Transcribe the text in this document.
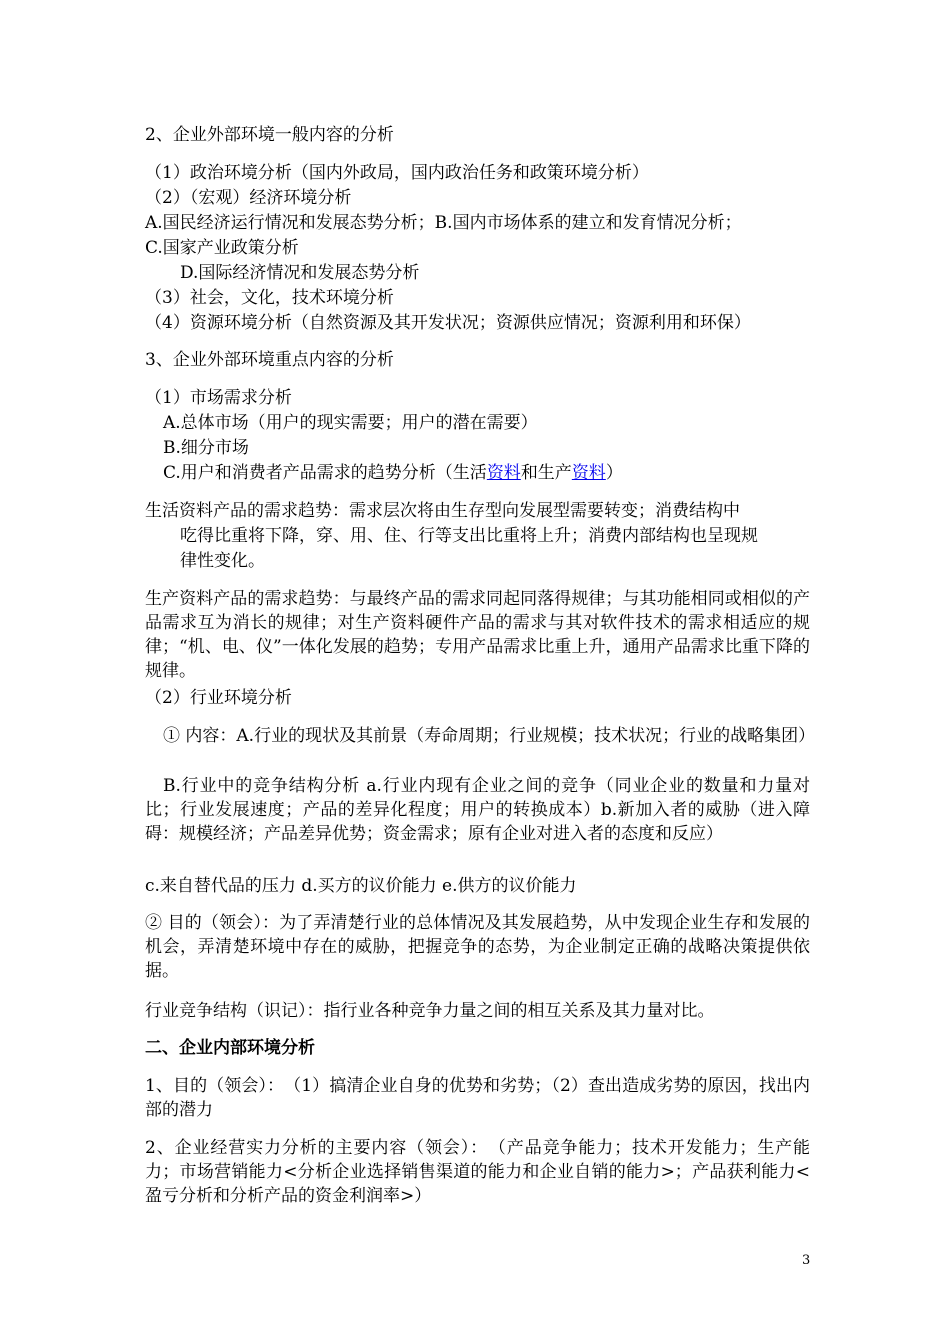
2、企业外部环境一般内容的分析
（1）政治环境分析（国内外政局，国内政治任务和政策环境分析）
（2）（宏观）经济环境分析
A.国民经济运行情况和发展态势分析；B.国内市场体系的建立和发育情况分析；
C.国家产业政策分析
D.国际经济情况和发展态势分析
（3）社会，文化，技术环境分析
（4）资源环境分析（自然资源及其开发状况；资源供应情况；资源利用和环保）
3、企业外部环境重点内容的分析
（1）市场需求分析
A.总体市场（用户的现实需要；用户的潜在需要）
B.细分市场
C.用户和消费者产品需求的趋势分析（生活资料和生产资料）
生活资料产品的需求趋势：需求层次将由生存型向发展型需要转变；消费结构中
吃得比重将下降，穿、用、住、行等支出比重将上升；消费内部结构也呈现规
律性变化。
生产资料产品的需求趋势：与最终产品的需求同起同落得规律；与其功能相同或相似的产品需求互为消长的规律；对生产资料硬件产品的需求与其对软件技术的需求相适应的规律；“机、电、仪”一体化发展的趋势；专用产品需求比重上升，通用产品需求比重下降的规律。
（2）行业环境分析
① 内容：A.行业的现状及其前景（寿命周期；行业规模；技术状况；行业的战略集团）
B.行业中的竞争结构分析 a.行业内现有企业之间的竞争（同业企业的数量和力量对比；行业发展速度；产品的差异化程度；用户的转换成本）b.新加入者的威胁（进入障碍：规模经济；产品差异优势；资金需求；原有企业对进入者的态度和反应）
c.来自替代品的压力 d.买方的议价能力 e.供方的议价能力
② 目的（领会）：为了弄清楚行业的总体情况及其发展趋势，从中发现企业生存和发展的机会，弄清楚环境中存在的威胁，把握竞争的态势，为企业制定正确的战略决策提供依据。
行业竞争结构（识记）：指行业各种竞争力量之间的相互关系及其力量对比。
二、企业内部环境分析
1、目的（领会）：　（1）搞清企业自身的优势和劣势；（2）查出造成劣势的原因，找出内部的潜力
2、企业经营实力分析的主要内容（领会）：　（产品竞争能力；技术开发能力；生产能力；市场营销能力<分析企业选择销售渠道的能力和企业自销的能力>；产品获利能力<盈亏分析和分析产品的资金利润率>）
3
